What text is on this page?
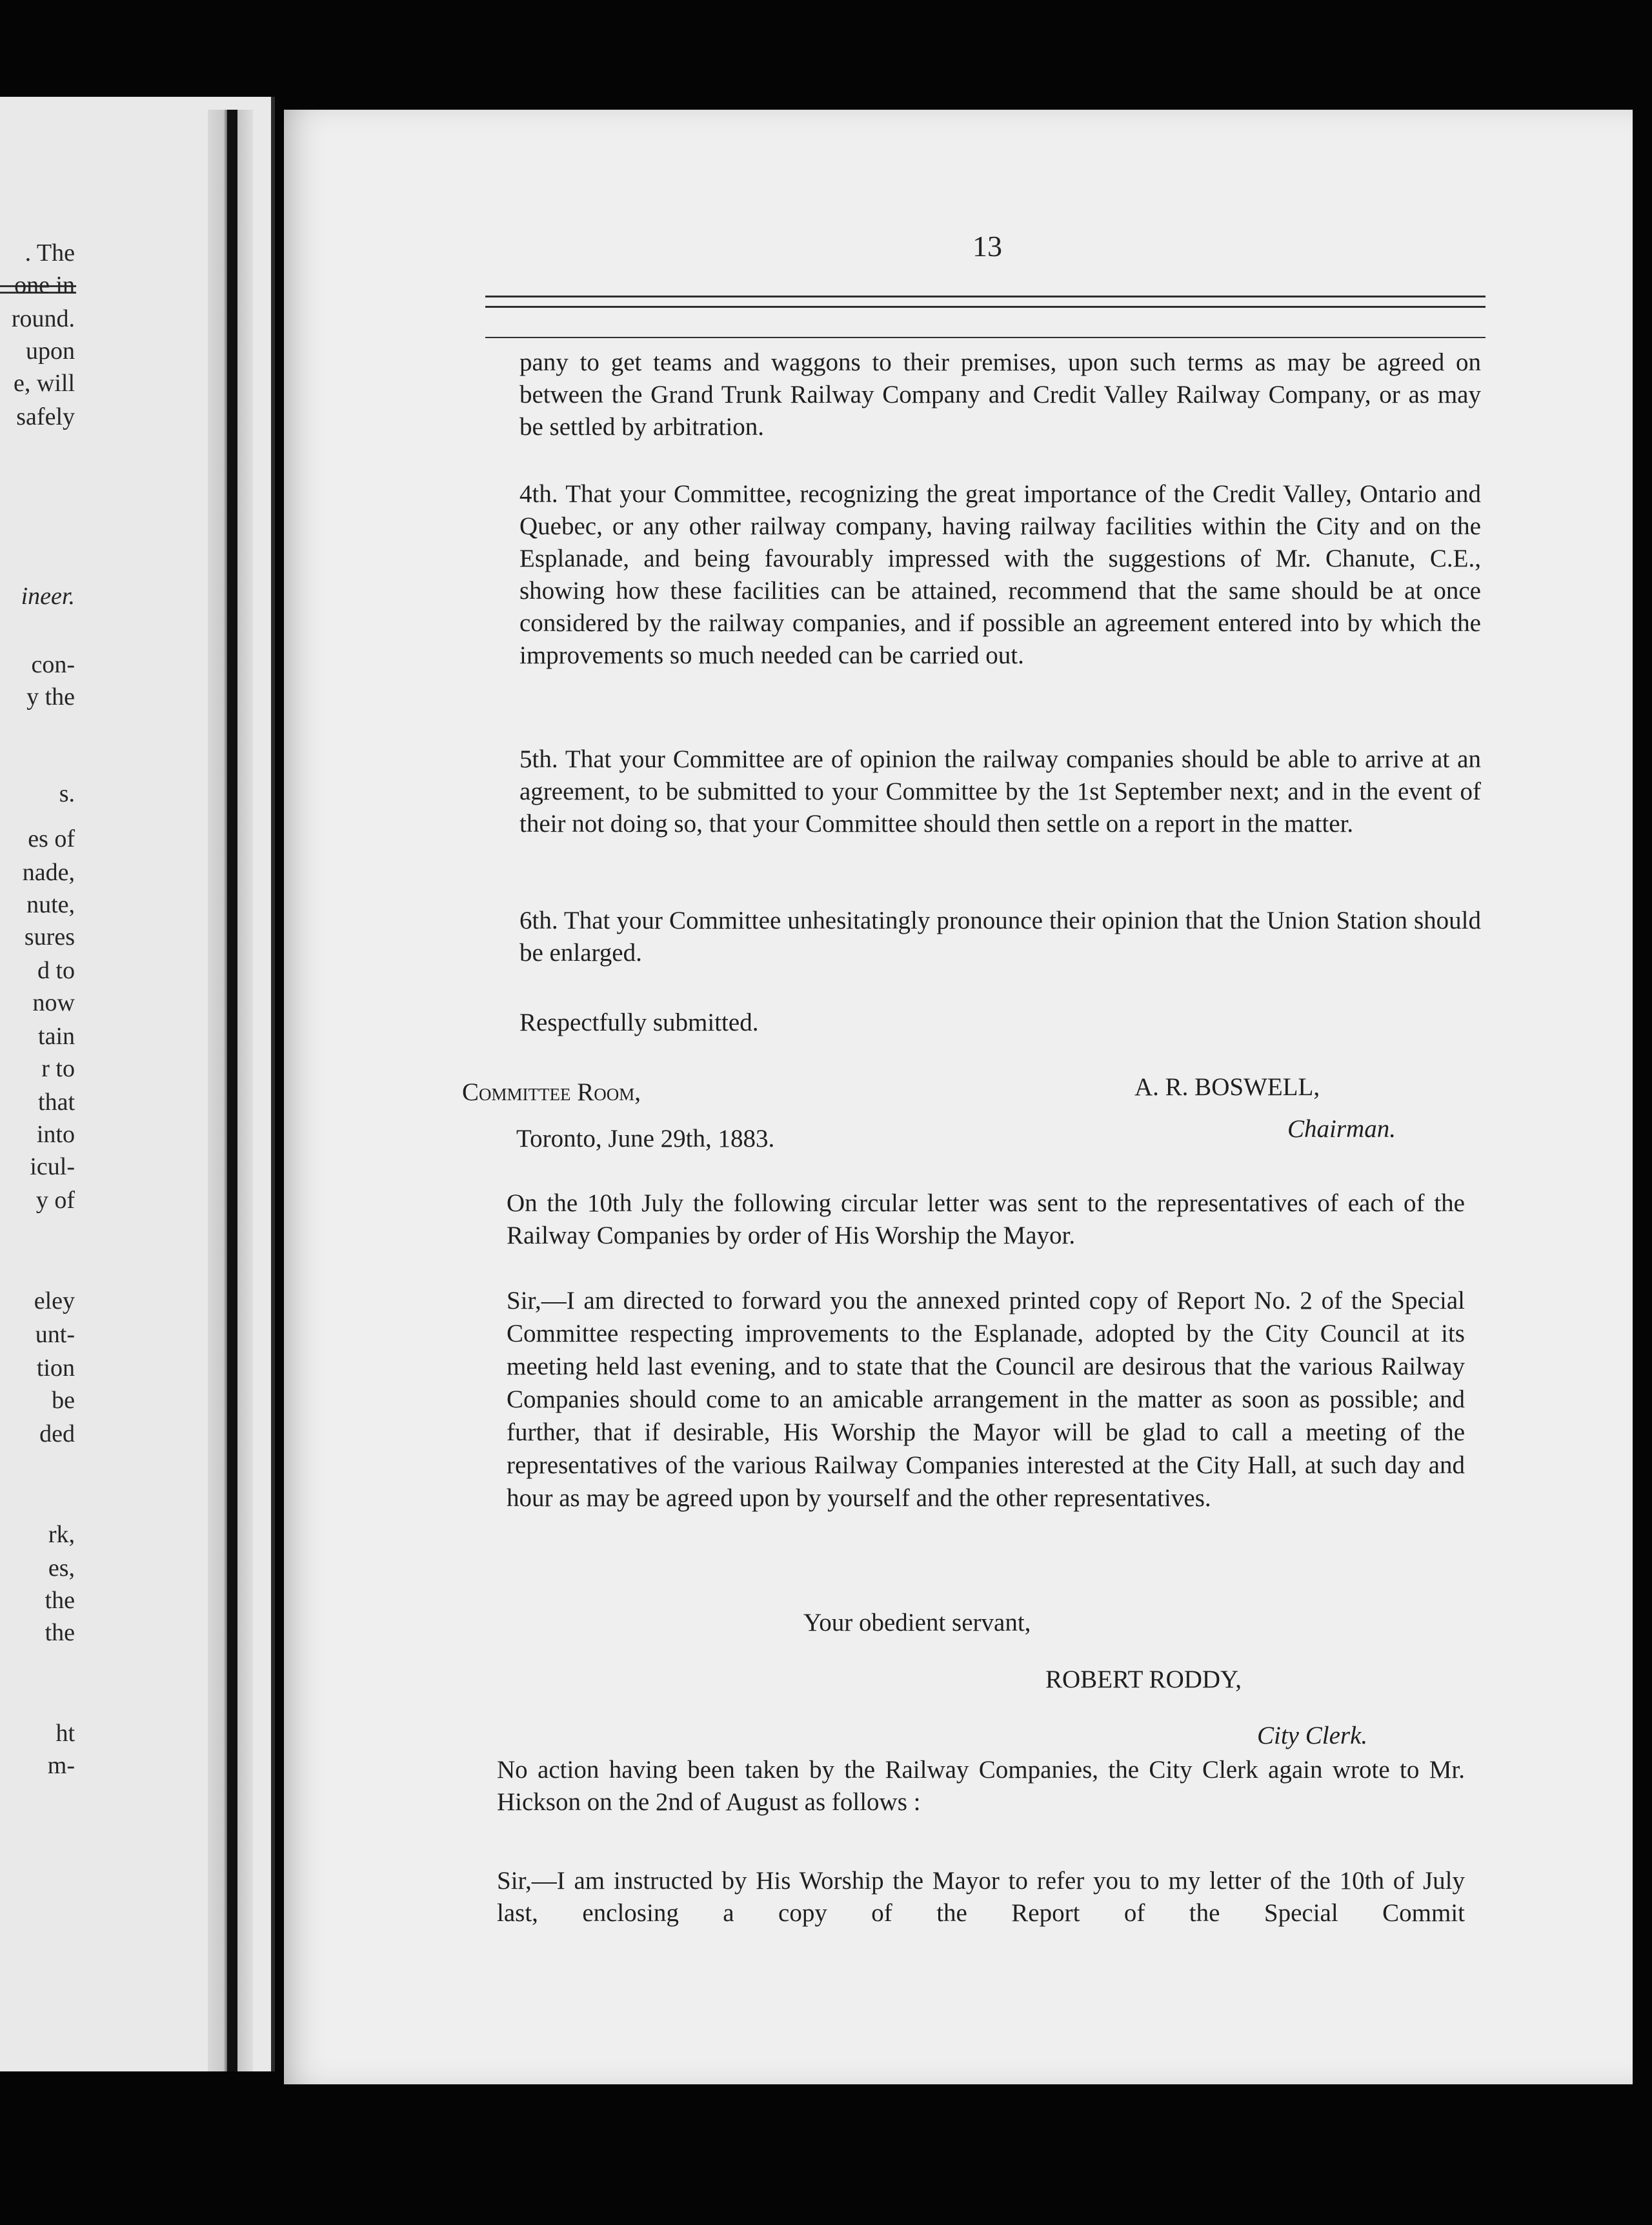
. The
one in
round.
upon
e, will
safely
ineer.
con-
y the
s.
es of
nade,
nute,
sures
d to
now
tain
r to
that
into
icul-
y of
eley
unt-
tion
be
ded
rk,
es,
the
the
ht
m-
13
pany to get teams and waggons to their premises, upon such terms as may be agreed on between the Grand Trunk Railway Company and Credit Valley Railway Company, or as may be settled by arbitration.
4th. That your Committee, recognizing the great importance of the Credit Valley, Ontario and Quebec, or any other railway company, having railway facilities within the City and on the Esplanade, and being favourably impressed with the suggestions of Mr. Chanute, C.E., showing how these facilities can be attained, recommend that the same should be at once considered by the railway companies, and if possible an agreement entered into by which the improvements so much needed can be carried out.
5th. That your Committee are of opinion the railway companies should be able to arrive at an agreement, to be submitted to your Committee by the 1st September next; and in the event of their not doing so, that your Committee should then settle on a report in the matter.
6th. That your Committee unhesitatingly pronounce their opinion that the Union Station should be enlarged.
Respectfully submitted.
Committee Room,
Toronto, June 29th, 1883.
A. R. BOSWELL,
Chairman.
On the 10th July the following circular letter was sent to the representatives of each of the Railway Companies by order of His Worship the Mayor.
Sir,—I am directed to forward you the annexed printed copy of Report No. 2 of the Special Committee respecting improvements to the Esplanade, adopted by the City Council at its meeting held last evening, and to state that the Council are desirous that the various Railway Companies should come to an amicable arrangement in the matter as soon as possible; and further, that if desirable, His Worship the Mayor will be glad to call a meeting of the representatives of the various Railway Companies interested at the City Hall, at such day and hour as may be agreed upon by yourself and the other representatives.
Your obedient servant,
ROBERT RODDY,
City Clerk.
No action having been taken by the Railway Companies, the City Clerk again wrote to Mr. Hickson on the 2nd of August as follows :
Sir,—I am instructed by His Worship the Mayor to refer you to my letter of the 10th of July last, enclosing a copy of the Report of the Special Commit
